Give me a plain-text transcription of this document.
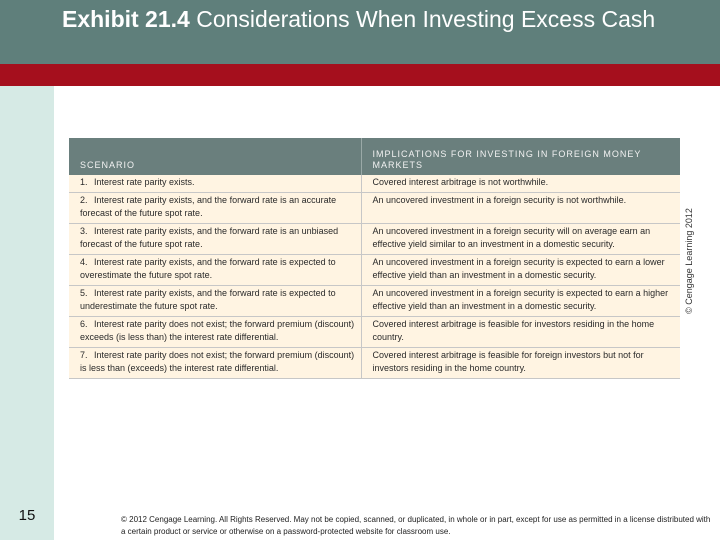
Exhibit 21.4 Considerations When Investing Excess Cash
15
SCENARIO	IMPLICATIONS FOR INVESTING IN FOREIGN MONEY MARKETS
1. Interest rate parity exists.	Covered interest arbitrage is not worthwhile.
2. Interest rate parity exists, and the forward rate is an accurate forecast of the future spot rate.	An uncovered investment in a foreign security is not worthwhile.
3. Interest rate parity exists, and the forward rate is an unbiased forecast of the future spot rate.	An uncovered investment in a foreign security will on average earn an effective yield similar to an investment in a domestic security.
4. Interest rate parity exists, and the forward rate is expected to overestimate the future spot rate.	An uncovered investment in a foreign security is expected to earn a lower effective yield than an investment in a domestic security.
5. Interest rate parity exists, and the forward rate is expected to underestimate the future spot rate.	An uncovered investment in a foreign security is expected to earn a higher effective yield than an investment in a domestic security.
6. Interest rate parity does not exist; the forward premium (discount) exceeds (is less than) the interest rate differential.	Covered interest arbitrage is feasible for investors residing in the home country.
7. Interest rate parity does not exist; the forward premium (discount) is less than (exceeds) the interest rate differential.	Covered interest arbitrage is feasible for foreign investors but not for investors residing in the home country.
© Cengage Learning 2012
© 2012 Cengage Learning. All Rights Reserved. May not be copied, scanned, or duplicated, in whole or in part, except for use as permitted in a license distributed with a certain product or service or otherwise on a password-protected website for classroom use.
